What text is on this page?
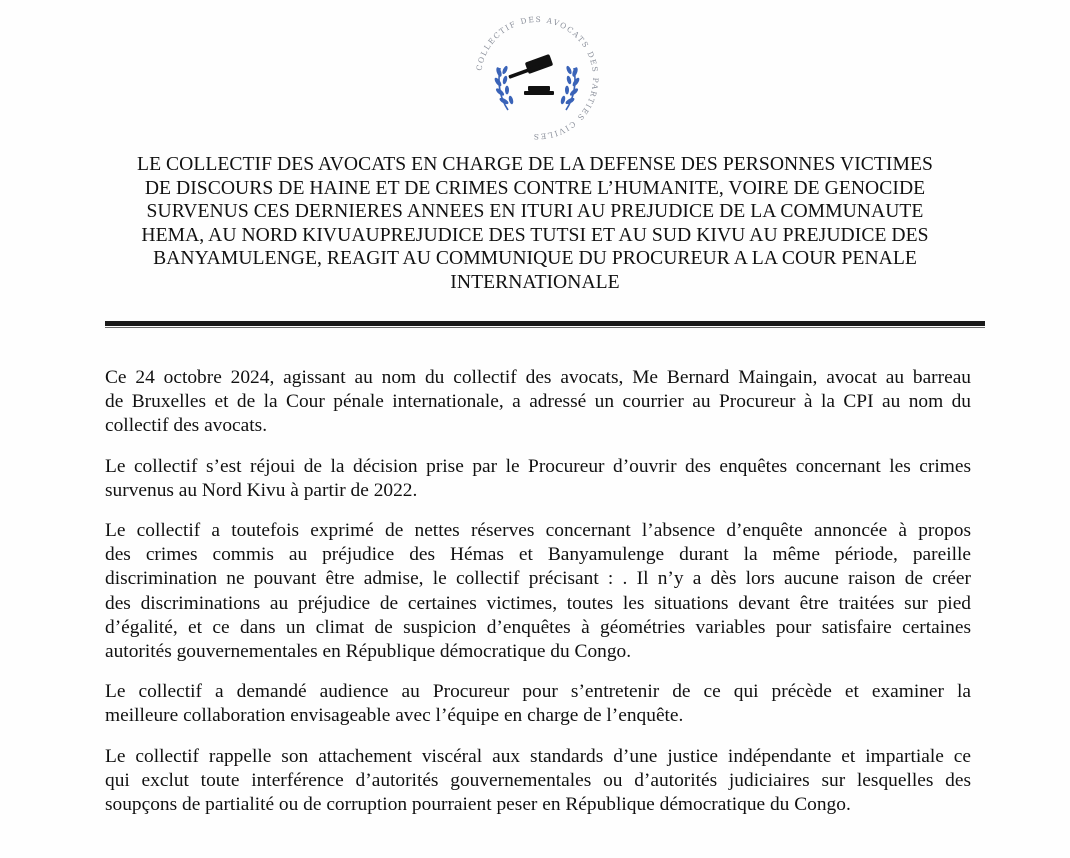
COLLECTIF DES AVOCATS DES PARTIES CIVILES
LE COLLECTIF DES AVOCATS EN CHARGE DE LA DEFENSE DES PERSONNES VICTIMES
DE DISCOURS DE HAINE ET DE CRIMES CONTRE L’HUMANITE, VOIRE DE GENOCIDE
SURVENUS CES DERNIERES ANNEES EN ITURI AU PREJUDICE DE LA COMMUNAUTE
HEMA, AU NORD KIVUAUPREJUDICE DES TUTSI ET AU SUD KIVU AU PREJUDICE DES
BANYAMULENGE, REAGIT AU COMMUNIQUE DU PROCUREUR A LA COUR PENALE
INTERNATIONALE

Ce 24 octobre 2024, agissant au nom du collectif des avocats, Me Bernard Maingain, avocat au barreau
de Bruxelles et de la Cour pénale internationale, a adressé un courrier au Procureur à la CPI au nom du
collectif des avocats.

Le collectif s’est réjoui de la décision prise par le Procureur d’ouvrir des enquêtes concernant les crimes
survenus au Nord Kivu à partir de 2022.

Le collectif a toutefois exprimé de nettes réserves concernant l’absence d’enquête annoncée à propos
des crimes commis au préjudice des Hémas et Banyamulenge durant la même période, pareille
discrimination ne pouvant être admise, le collectif précisant : . Il n’y a dès lors aucune raison de créer
des discriminations au préjudice de certaines victimes, toutes les situations devant être traitées sur pied
d’égalité, et ce dans un climat de suspicion d’enquêtes à géométries variables pour satisfaire certaines
autorités gouvernementales en République démocratique du Congo.

Le collectif a demandé audience au Procureur pour s’entretenir de ce qui précède et examiner la
meilleure collaboration envisageable avec l’équipe en charge de l’enquête.

Le collectif rappelle son attachement viscéral aux standards d’une justice indépendante et impartiale ce
qui exclut toute interférence d’autorités gouvernementales ou d’autorités judiciaires sur lesquelles des
soupçons de partialité ou de corruption pourraient peser en République démocratique du Congo.
